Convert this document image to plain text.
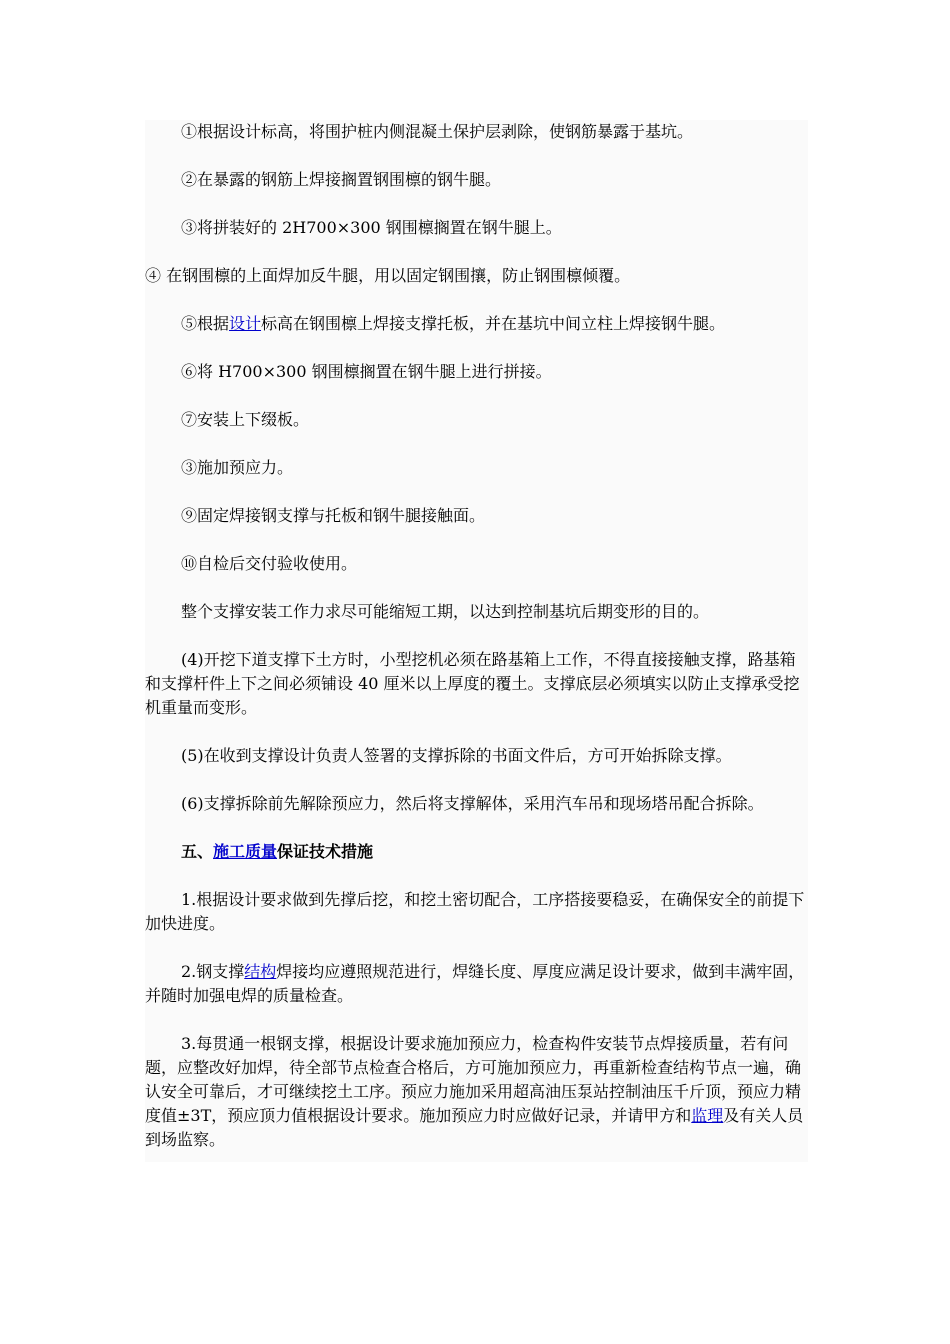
①根据设计标高，将围护桩内侧混凝土保护层剥除，使钢筋暴露于基坑。

②在暴露的钢筋上焊接搁置钢围檩的钢牛腿。

③将拼装好的 2H700×300 钢围檩搁置在钢牛腿上。

④ 在钢围檩的上面焊加反牛腿，用以固定钢围攘，防止钢围檩倾覆。

⑤根据设计标高在钢围檩上焊接支撑托板，并在基坑中间立柱上焊接钢牛腿。

⑥将 H700×300 钢围檩搁置在钢牛腿上进行拼接。

⑦安装上下缀板。

③施加预应力。

⑨固定焊接钢支撑与托板和钢牛腿接触面。

⑩自检后交付验收使用。

整个支撑安装工作力求尽可能缩短工期，以达到控制基坑后期变形的目的。

(4)开挖下道支撑下土方时，小型挖机必须在路基箱上工作，不得直接接触支撑，路基箱和支撑杆件上下之间必须铺设 40 厘米以上厚度的覆土。支撑底层必须填实以防止支撑承受挖机重量而变形。

(5)在收到支撑设计负责人签署的支撑拆除的书面文件后，方可开始拆除支撑。

(6)支撑拆除前先解除预应力，然后将支撑解体，采用汽车吊和现场塔吊配合拆除。

五、施工质量保证技术措施

1.根据设计要求做到先撑后挖，和挖土密切配合，工序搭接要稳妥，在确保安全的前提下加快进度。

2.钢支撑结构焊接均应遵照规范进行，焊缝长度、厚度应满足设计要求，做到丰满牢固，并随时加强电焊的质量检查。

3.每贯通一根钢支撑，根据设计要求施加预应力，检查构件安装节点焊接质量，若有问题，应整改好加焊，待全部节点检查合格后，方可施加预应力，再重新检查结构节点一遍，确认安全可靠后，才可继续挖土工序。预应力施加采用超高油压泵站控制油压千斤顶，预应力精度值±3T，预应顶力值根据设计要求。施加预应力时应做好记录，并请甲方和监理及有关人员到场监察。
